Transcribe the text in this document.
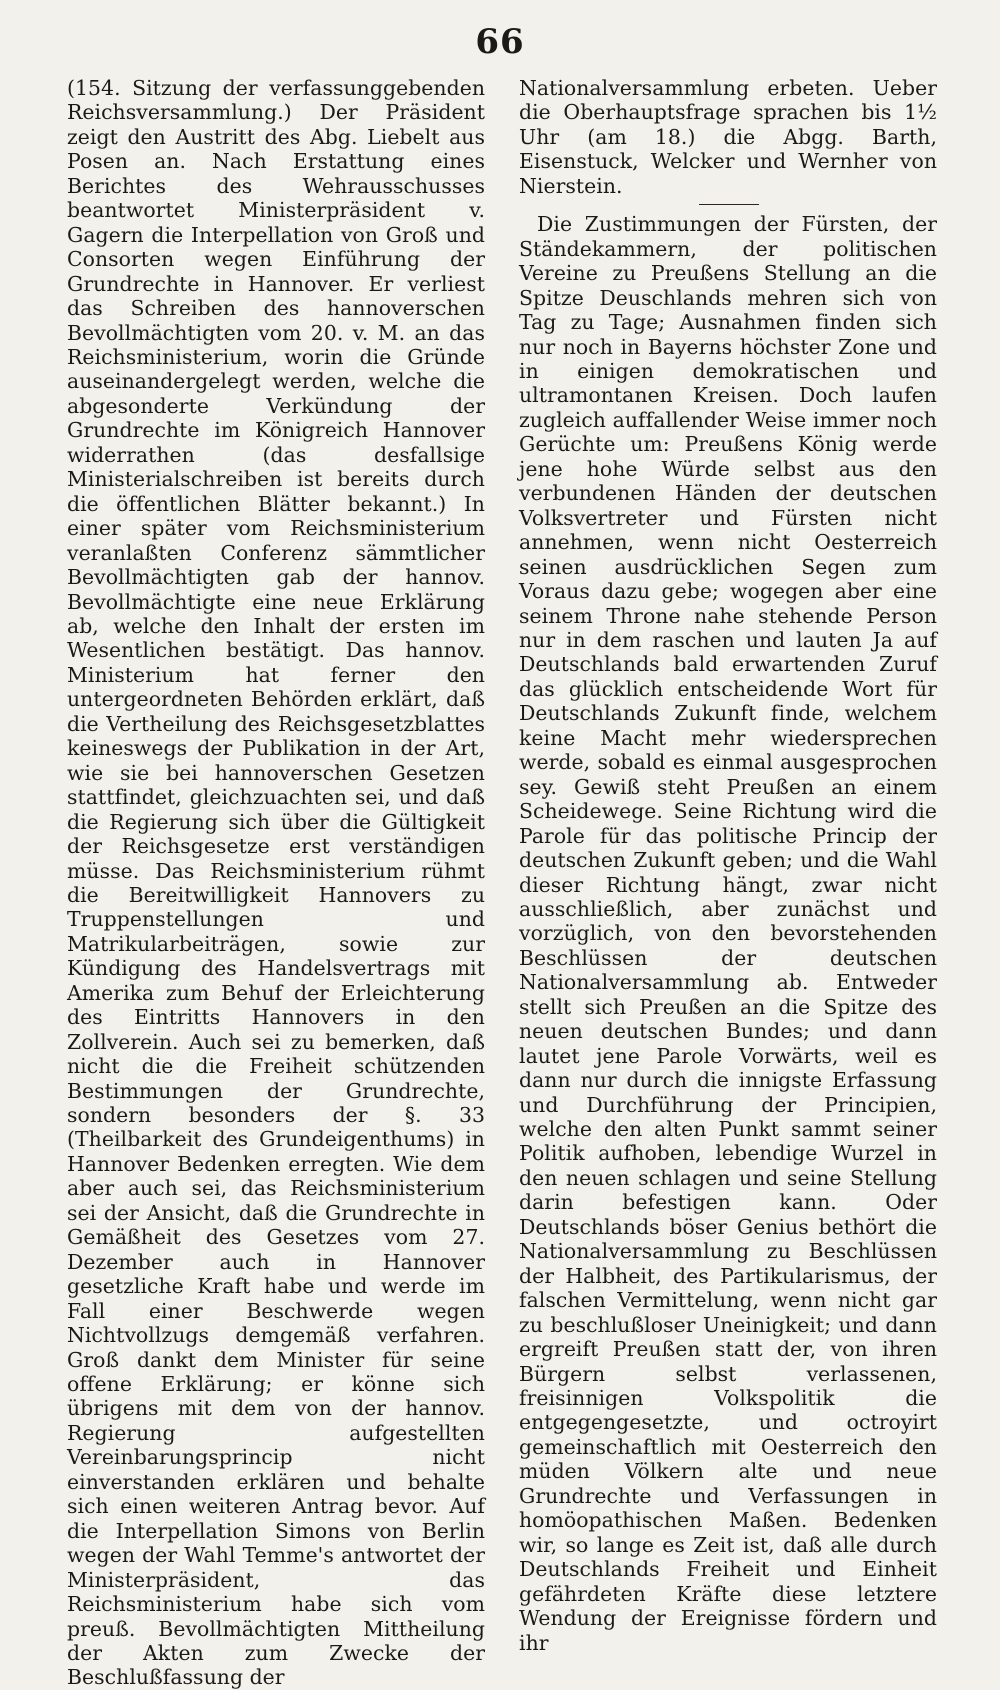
66

(154. Sitzung der verfassunggebenden Reichsversammlung.) Der Präsident zeigt den Austritt des Abg. Liebelt aus Posen an. Nach Erstattung eines Berichtes des Wehrausschusses beantwortet Ministerpräsident v. Gagern die Interpellation von Groß und Consorten wegen Einführung der Grundrechte in Hannover. Er verliest das Schreiben des hannoverschen Bevollmächtigten vom 20. v. M. an das Reichsministerium, worin die Gründe auseinandergelegt werden, welche die abgesonderte Verkündung der Grundrechte im Königreich Hannover widerrathen (das desfallsige Ministerialschreiben ist bereits durch die öffentlichen Blätter bekannt.) In einer später vom Reichsministerium veranlaßten Conferenz sämmtlicher Bevollmächtigten gab der hannov. Bevollmächtigte eine neue Erklärung ab, welche den Inhalt der ersten im Wesentlichen bestätigt. Das hannov. Ministerium hat ferner den untergeordneten Behörden erklärt, daß die Vertheilung des Reichsgesetzblattes keineswegs der Publikation in der Art, wie sie bei hannoverschen Gesetzen stattfindet, gleichzuachten sei, und daß die Regierung sich über die Gültigkeit der Reichsgesetze erst verständigen müsse. Das Reichsministerium rühmt die Bereitwilligkeit Hannovers zu Truppenstellungen und Matrikularbeiträgen, sowie zur Kündigung des Handelsvertrags mit Amerika zum Behuf der Erleichterung des Eintritts Hannovers in den Zollverein. Auch sei zu bemerken, daß nicht die die Freiheit schützenden Bestimmungen der Grundrechte, sondern besonders der §. 33 (Theilbarkeit des Grundeigenthums) in Hannover Bedenken erregten. Wie dem aber auch sei, das Reichsministerium sei der Ansicht, daß die Grundrechte in Gemäßheit des Gesetzes vom 27. Dezember auch in Hannover gesetzliche Kraft habe und werde im Fall einer Beschwerde wegen Nichtvollzugs demgemäß verfahren. Groß dankt dem Minister für seine offene Erklärung; er könne sich übrigens mit dem von der hannov. Regierung aufgestellten Vereinbarungsprincip nicht einverstanden erklären und behalte sich einen weiteren Antrag bevor. Auf die Interpellation Simons von Berlin wegen der Wahl Temme's antwortet der Ministerpräsident, das Reichsministerium habe sich vom preuß. Bevollmächtigten Mittheilung der Akten zum Zwecke der Beschlußfassung der

Nationalversammlung erbeten. Ueber die Oberhauptsfrage sprachen bis 1½ Uhr (am 18.) die Abgg. Barth, Eisenstuck, Welcker und Wernher von Nierstein.

Die Zustimmungen der Fürsten, der Ständekammern, der politischen Vereine zu Preußens Stellung an die Spitze Deuschlands mehren sich von Tag zu Tage; Ausnahmen finden sich nur noch in Bayerns höchster Zone und in einigen demokratischen und ultramontanen Kreisen. Doch laufen zugleich auffallender Weise immer noch Gerüchte um: Preußens König werde jene hohe Würde selbst aus den verbundenen Händen der deutschen Volksvertreter und Fürsten nicht annehmen, wenn nicht Oesterreich seinen ausdrücklichen Segen zum Voraus dazu gebe; wogegen aber eine seinem Throne nahe stehende Person nur in dem raschen und lauten Ja auf Deutschlands bald erwartenden Zuruf das glücklich entscheidende Wort für Deutschlands Zukunft finde, welchem keine Macht mehr wiedersprechen werde, sobald es einmal ausgesprochen sey. Gewiß steht Preußen an einem Scheidewege. Seine Richtung wird die Parole für das politische Princip der deutschen Zukunft geben; und die Wahl dieser Richtung hängt, zwar nicht ausschließlich, aber zunächst und vorzüglich, von den bevorstehenden Beschlüssen der deutschen Nationalversammlung ab. Entweder stellt sich Preußen an die Spitze des neuen deutschen Bundes; und dann lautet jene Parole Vorwärts, weil es dann nur durch die innigste Erfassung und Durchführung der Principien, welche den alten Punkt sammt seiner Politik aufhoben, lebendige Wurzel in den neuen schlagen und seine Stellung darin befestigen kann. Oder Deutschlands böser Genius bethört die Nationalversammlung zu Beschlüssen der Halbheit, des Partikularismus, der falschen Vermittelung, wenn nicht gar zu beschlußloser Uneinigkeit; und dann ergreift Preußen statt der, von ihren Bürgern selbst verlassenen, freisinnigen Volkspolitik die entgegengesetzte, und octroyirt gemeinschaftlich mit Oesterreich den müden Völkern alte und neue Grundrechte und Verfassungen in homöopathischen Maßen. Bedenken wir, so lange es Zeit ist, daß alle durch Deutschlands Freiheit und Einheit gefährdeten Kräfte diese letztere Wendung der Ereignisse fördern und ihr
